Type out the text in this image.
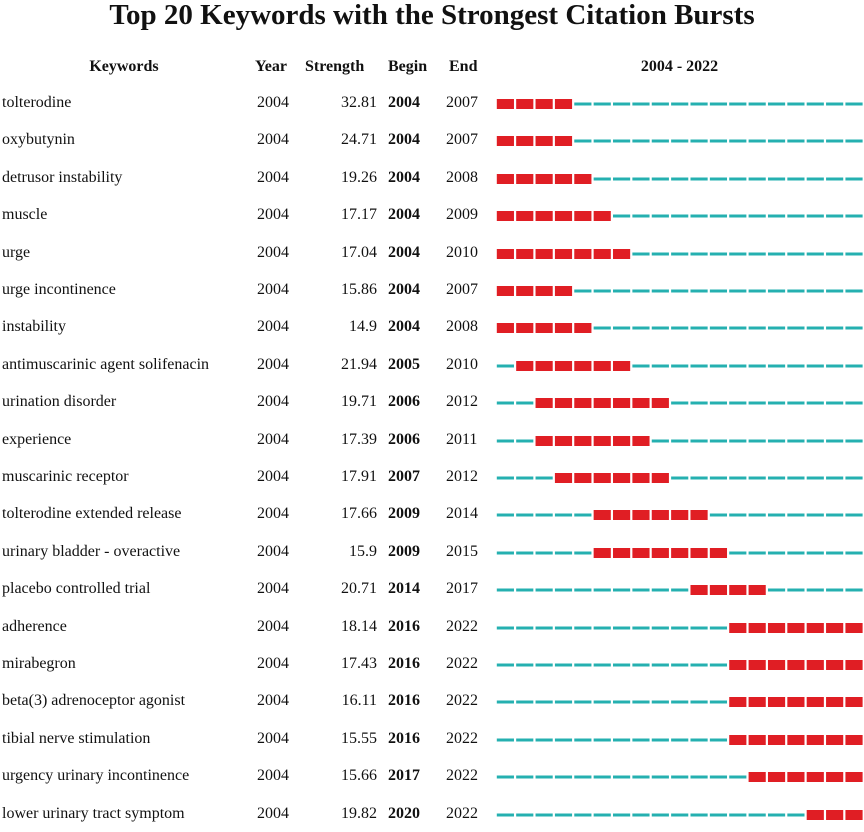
Top 20 Keywords with the Strongest Citation Bursts
Keywords	Year	Strength	Begin	End	2004 - 2022
tolterodine	2004	32.81 2004	2007
oxybutynin	2004	24.71 2004	2007
detrusor instability	2004	19.26 2004	2008
muscle	2004	17.17 2004	2009
urge	2004	17.04 2004	2010
urge incontinence	2004	15.86 2004	2007
instability	2004	14.9 2004	2008
antimuscarinic agent solifenacin	2004	21.94 2005	2010
urination disorder	2004	19.71 2006	2012
experience	2004	17.39 2006	2011
muscarinic receptor	2004	17.91 2007	2012
tolterodine extended release	2004	17.66 2009	2014
urinary bladder - overactive	2004	15.9 2009	2015
placebo controlled trial	2004	20.71 2014	2017
adherence	2004	18.14 2016	2022
mirabegron	2004	17.43 2016	2022
beta(3) adrenoceptor agonist	2004	16.11 2016	2022
tibial nerve stimulation	2004	15.55 2016	2022
urgency urinary incontinence	2004	15.66 2017	2022
lower urinary tract symptom	2004	19.82 2020	2022
